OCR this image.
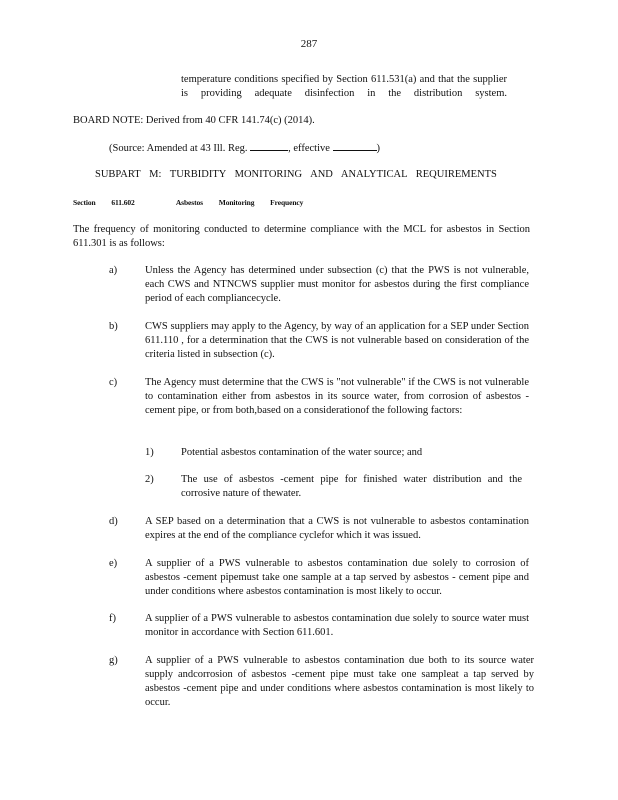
287
temperature conditions specified by Section 611.531(a) and that the supplier is providing adequate disinfection in the distribution system.
BOARD NOTE: Derived from 40 CFR 141.74(c) (2014).
(Source: Amended at 43 Ill. Reg.	, effective	)
SUBPART M: TURBIDITY MONITORING AND ANALYTICAL REQUIREMENTS
Section 611.602	Asbestos Monitoring Frequency
The frequency of monitoring conducted to determine compliance with the MCL for asbestos in Section 611.301 is as follows:
a)	Unless the Agency has determined under subsection (c) that the PWS is not vulnerable, each CWS and NTNCWS supplier must monitor for asbestos during the first compliance period of each compliancecycle.
b)	CWS suppliers may apply to the Agency, by way of an application for a SEP under Section 611.110 , for a determination that the CWS is not vulnerable based on consideration of the criteria listed in subsection (c).
c)	The Agency must determine that the CWS is "not vulnerable" if the CWS is not vulnerable to contamination either from asbestos in its source water, from corrosion of asbestos -cement pipe, or from both,based on a considerationof the following factors:
1)	Potential asbestos contamination of the water source; and
2)	The use of asbestos -cement pipe for finished water distribution and the corrosive nature of thewater.
d)	A SEP based on a determination that a CWS is not vulnerable to asbestos contamination expires at the end of the compliance cyclefor which it was issued.
e)	A supplier of a PWS vulnerable to asbestos contamination due solely to corrosion of asbestos -cement pipemust take one sample at a tap served by asbestos - cement pipe and under conditions where asbestos contamination is most likely to occur.
f)	A supplier of a PWS vulnerable to asbestos contamination due solely to source water must monitor in accordance with Section 611.601.
g)	A supplier of a PWS vulnerable to asbestos contamination due both to its source water supply andcorrosion of asbestos -cement pipe must take one sampleat a tap served by asbestos -cement pipe and under conditions where asbestos contamination is most likely to occur.
